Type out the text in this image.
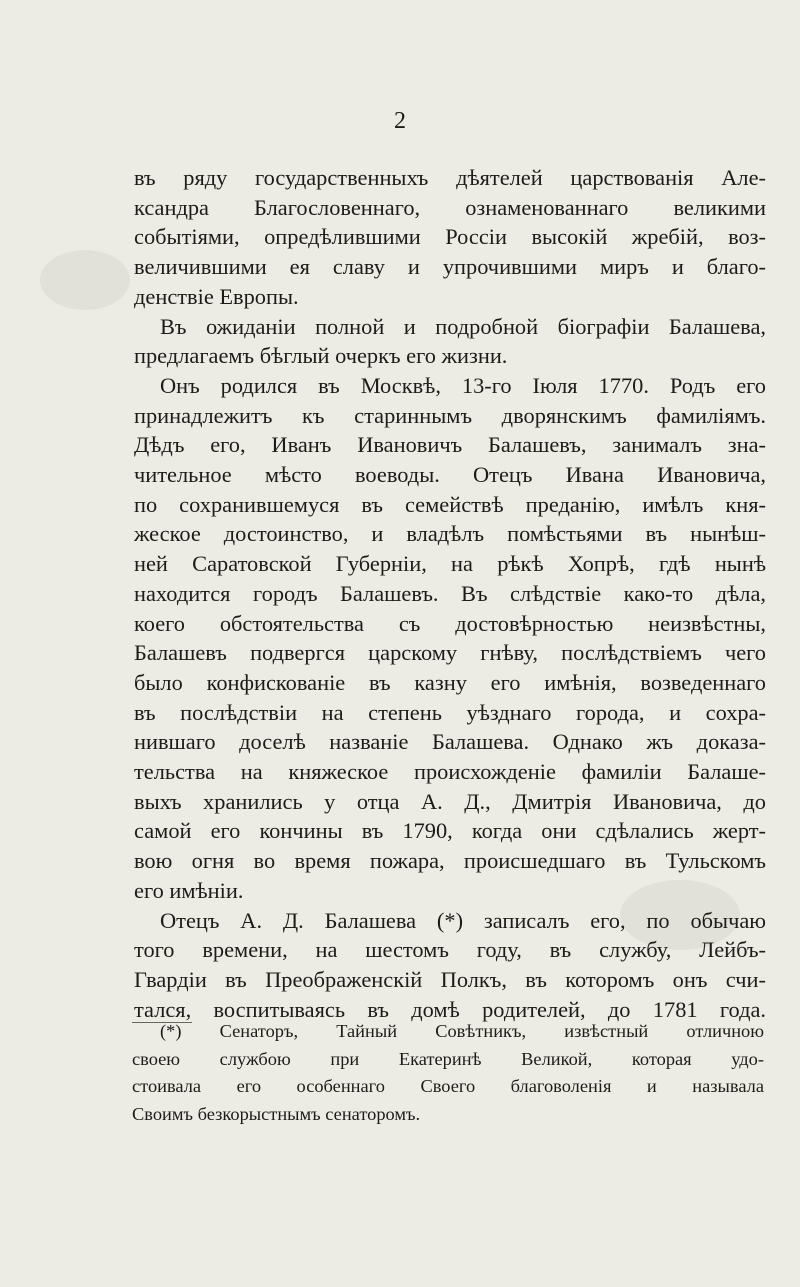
2
въ ряду государственныхъ дѣятелей царствованія Але-
ксандра Благословеннаго, ознаменованнаго великими
событіями, опредѣлившими Россіи высокій жребій, воз-
величившими ея славу и упрочившими миръ и благо-
денствіе Европы.
Въ ожиданіи полной и подробной біографіи Балашева,
предлагаемъ бѣглый очеркъ его жизни.
Онъ родился въ Москвѣ, 13-го Іюля 1770. Родъ его
принадлежитъ къ стариннымъ дворянскимъ фамиліямъ.
Дѣдъ его, Иванъ Ивановичъ Балашевъ, занималъ зна-
чительное мѣсто воеводы. Отецъ Ивана Ивановича,
по сохранившемуся въ семействѣ преданію, имѣлъ кня-
жеское достоинство, и владѣлъ помѣстьями въ нынѣш-
ней Саратовской Губерніи, на рѣкѣ Хопрѣ, гдѣ нынѣ
находится городъ Балашевъ. Въ слѣдствіе како-то дѣла,
коего обстоятельства съ достовѣрностью неизвѣстны,
Балашевъ подвергся царскому гнѣву, послѣдствіемъ чего
было конфискованіе въ казну его имѣнія, возведеннаго
въ послѣдствіи на степень уѣзднаго города, и сохра-
нившаго доселѣ названіе Балашева. Однако жъ доказа-
тельства на княжеское происхожденіе фамиліи Балаше-
выхъ хранились у отца А. Д., Дмитрія Ивановича, до
самой его кончины въ 1790, когда они сдѣлались жерт-
вою огня во время пожара, происшедшаго въ Тульскомъ
его имѣніи.
Отецъ А. Д. Балашева (*) записалъ его, по обычаю
того времени, на шестомъ году, въ службу, Лейбъ-
Гвардіи въ Преображенскій Полкъ, въ которомъ онъ счи-
тался, воспитываясь въ домѣ родителей, до 1781 года.
(*) Сенаторъ, Тайный Совѣтникъ, извѣстный отличною
своею службою при Екатеринѣ Великой, которая удо-
стоивала его особеннаго Своего благоволенія и называла
Своимъ безкорыстнымъ сенаторомъ.
